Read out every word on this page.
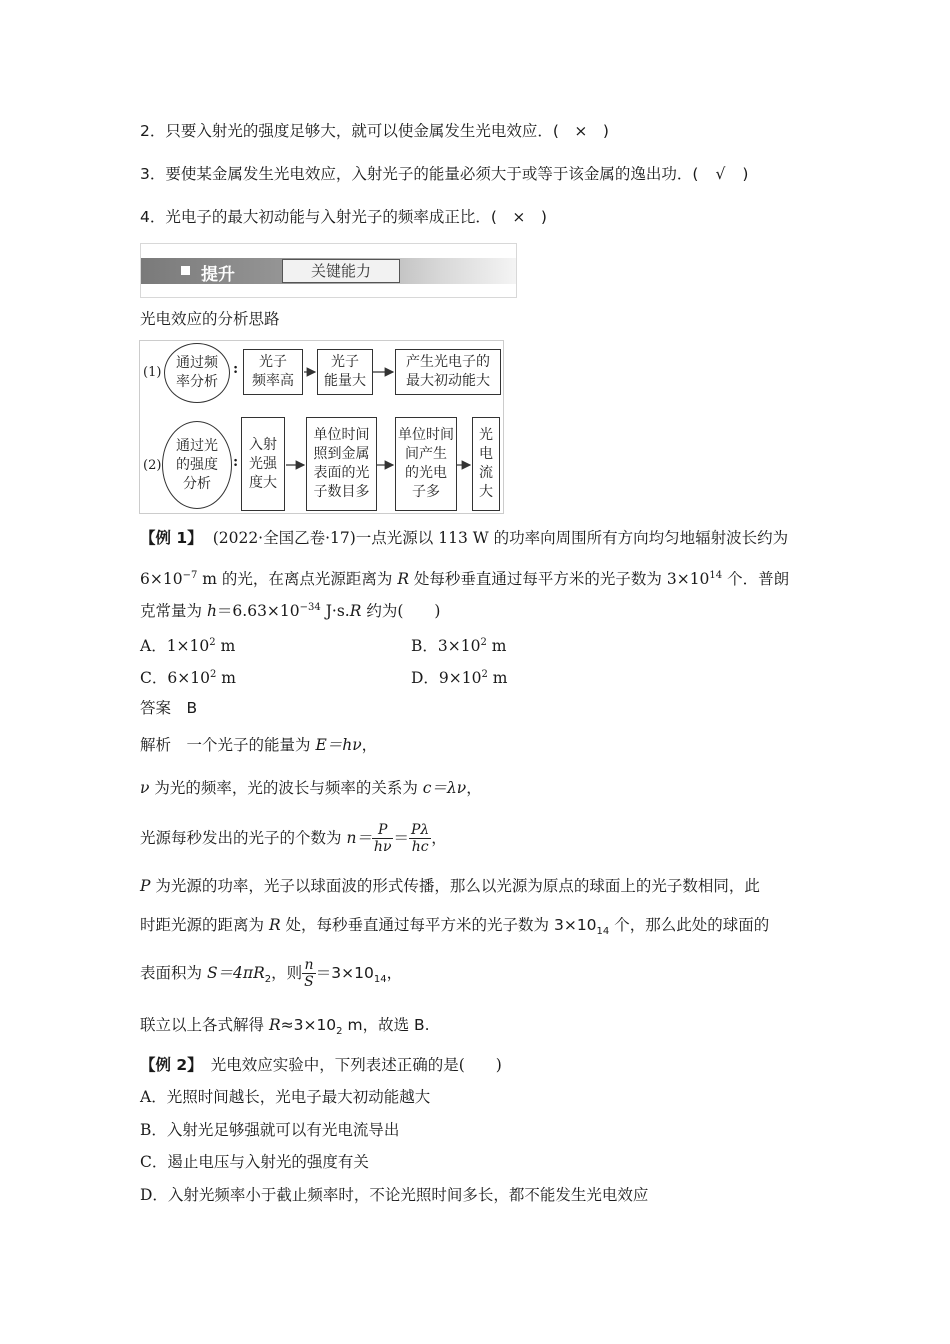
2．只要入射光的强度足够大，就可以使金属发生光电效应．( × )
3．要使某金属发生光电效应，入射光子的能量必须大于或等于该金属的逸出功．( √ )
4．光电子的最大初动能与入射光子的频率成正比．( × )
提升	关键能力
光电效应的分析思路
(1)
通过频
率分析
:	光子
频率高
光子
能量大
产生光电子的
最大初动能大
(2)
通过光
的强度
分析
:
入射
光强
度大
单位时间
照到金属
表面的光
子数目多
单位时间
间产生
的光电
子多
光
电
流
大
【例 1】 (2022·全国乙卷·17)一点光源以 113 W 的功率向周围所有方向均匀地辐射波长约为
$6\times 10^{-7}$ m 的光，在离点光源距离为 R 处每秒垂直通过每平方米的光子数为 $3\times 10^{14}$ 个．普朗
克常量为 $h=6.63\times 10^{-34}$ J·s.R 约为(　　)
A．$1\times 10^2$ m	B．$3\times 10^2$ m
C．$6\times 10^2$ m	D．$9\times 10^2$ m
答案　B
解析　一个光子的能量为 E＝hν，
ν 为光的频率，光的波长与频率的关系为 c＝λν，
光源每秒发出的光子的个数为 $n= \frac{P}{h\nu} = \frac{P\lambda}{hc}$ ，
P 为光源的功率，光子以球面波的形式传播，那么以光源为原点的球面上的光子数相同，此
时距光源的距离为 R 处，每秒垂直通过每平方米的光子数为 $3\times 10_{14}$ 个，那么此处的球面的
表面积为 $S=4\pi R_2$，则 $\frac{n}{S} =3\times 10_{14}$，
联立以上各式解得 $R\approx 3\times 10_2$ m，故选 B.
【例 2】 光电效应实验中，下列表述正确的是(　　)
A．光照时间越长，光电子最大初动能越大
B．入射光足够强就可以有光电流导出
C．遏止电压与入射光的强度有关
D．入射光频率小于截止频率时，不论光照时间多长，都不能发生光电效应
